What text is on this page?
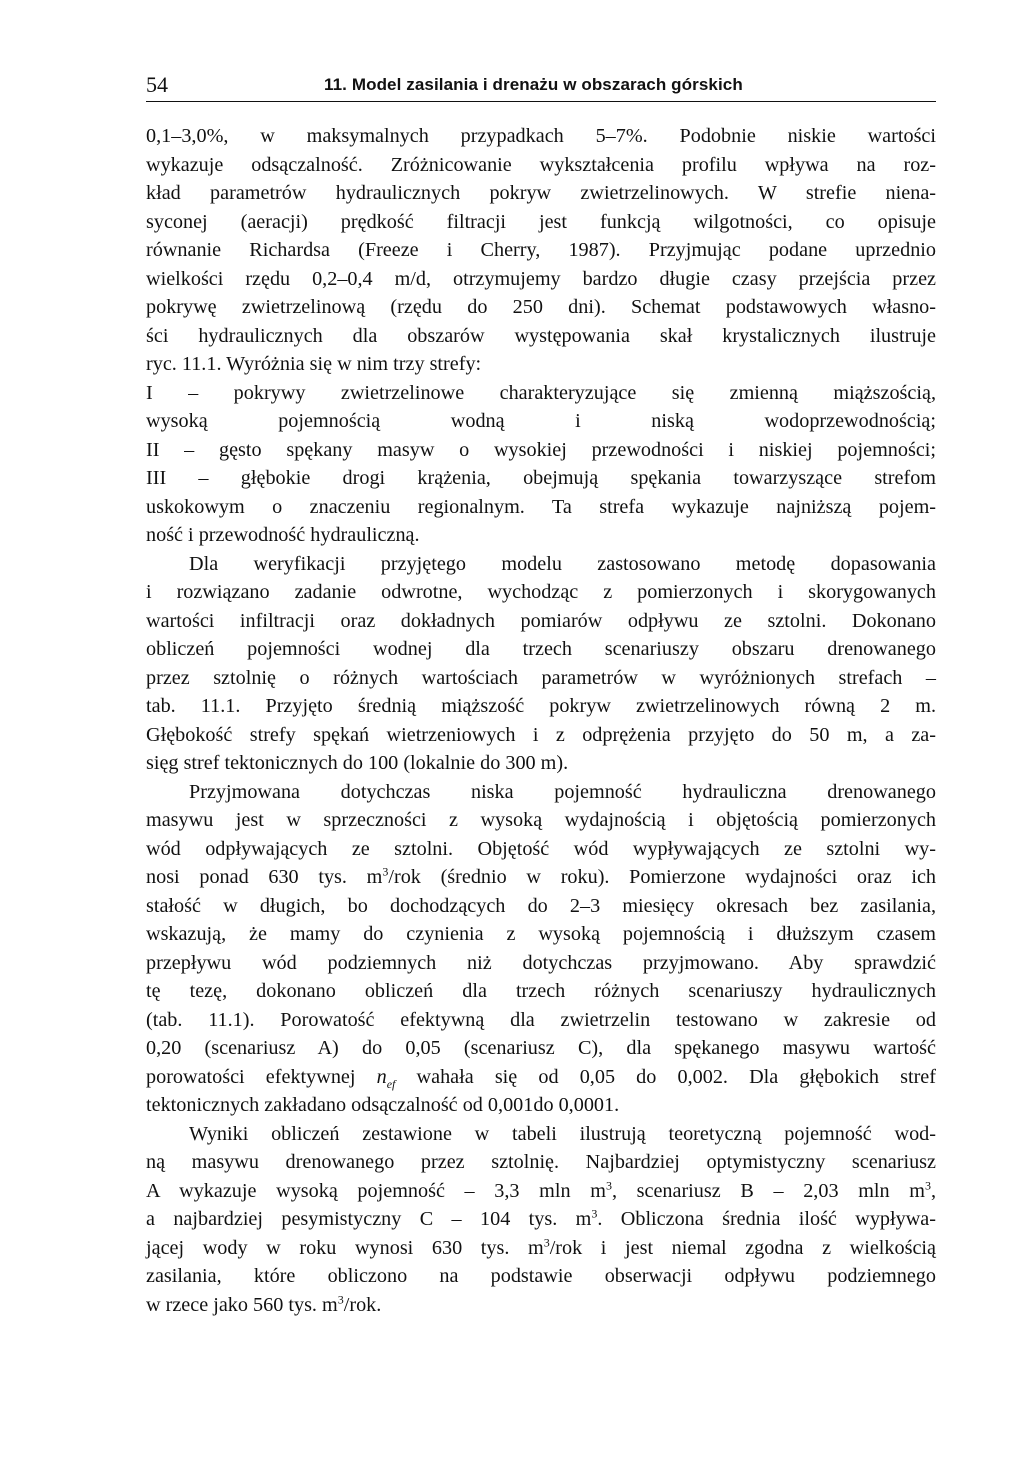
54	11. Model zasilania i drenażu w obszarach górskich
0,1–3,0%, w maksymalnych przypadkach 5–7%. Podobnie niskie wartości
wykazuje odsączalność. Zróżnicowanie wykształcenia profilu wpływa na roz-
kład parametrów hydraulicznych pokryw zwietrzelinowych. W strefie niena-
syconej (aeracji) prędkość filtracji jest funkcją wilgotności, co opisuje
równanie Richardsa (Freeze i Cherry, 1987). Przyjmując podane uprzednio
wielkości rzędu 0,2–0,4 m/d, otrzymujemy bardzo długie czasy przejścia przez
pokrywę zwietrzelinową (rzędu do 250 dni). Schemat podstawowych własno-
ści hydraulicznych dla obszarów występowania skał krystalicznych ilustruje
ryc. 11.1. Wyróżnia się w nim trzy strefy:
I – pokrywy zwietrzelinowe charakteryzujące się zmienną miąższością,
wysoką pojemnością wodną i niską wodoprzewodnością;
II – gęsto spękany masyw o wysokiej przewodności i niskiej pojemności;
III – głębokie drogi krążenia, obejmują spękania towarzyszące strefom
uskokowym o znaczeniu regionalnym. Ta strefa wykazuje najniższą pojem-
ność i przewodność hydrauliczną.
Dla weryfikacji przyjętego modelu zastosowano metodę dopasowania
i rozwiązano zadanie odwrotne, wychodząc z pomierzonych i skorygowanych
wartości infiltracji oraz dokładnych pomiarów odpływu ze sztolni. Dokonano
obliczeń pojemności wodnej dla trzech scenariuszy obszaru drenowanego
przez sztolnię o różnych wartościach parametrów w wyróżnionych strefach –
tab. 11.1. Przyjęto średnią miąższość pokryw zwietrzelinowych równą 2 m.
Głębokość strefy spękań wietrzeniowych i z odprężenia przyjęto do 50 m, a za-
sięg stref tektonicznych do 100 (lokalnie do 300 m).
Przyjmowana dotychczas niska pojemność hydrauliczna drenowanego
masywu jest w sprzeczności z wysoką wydajnością i objętością pomierzonych
wód odpływających ze sztolni. Objętość wód wypływających ze sztolni wy-
nosi ponad 630 tys. $m^3$/rok (średnio w roku). Pomierzone wydajności oraz ich
stałość w długich, bo dochodzących do 2–3 miesięcy okresach bez zasilania,
wskazują, że mamy do czynienia z wysoką pojemnością i dłuższym czasem
przepływu wód podziemnych niż dotychczas przyjmowano. Aby sprawdzić
tę tezę, dokonano obliczeń dla trzech różnych scenariuszy hydraulicznych
(tab. 11.1). Porowatość efektywną dla zwietrzelin testowano w zakresie od
0,20 (scenariusz A) do 0,05 (scenariusz C), dla spękanego masywu wartość
porowatości efektywnej $n_{ef}$ wahała się od 0,05 do 0,002. Dla głębokich stref
tektonicznych zakładano odsączalność od 0,001do 0,0001.
Wyniki obliczeń zestawione w tabeli ilustrują teoretyczną pojemność wod-
ną masywu drenowanego przez sztolnię. Najbardziej optymistyczny scenariusz
A wykazuje wysoką pojemność – 3,3 mln $m^3$, scenariusz B – 2,03 mln $m^3$,
a najbardziej pesymistyczny C – 104 tys. $m^3$. Obliczona średnia ilość wypływa-
jącej wody w roku wynosi 630 tys. $m^3$/rok i jest niemal zgodna z wielkością
zasilania, które obliczono na podstawie obserwacji odpływu podziemnego
w rzece jako 560 tys. $m^3$/rok.
